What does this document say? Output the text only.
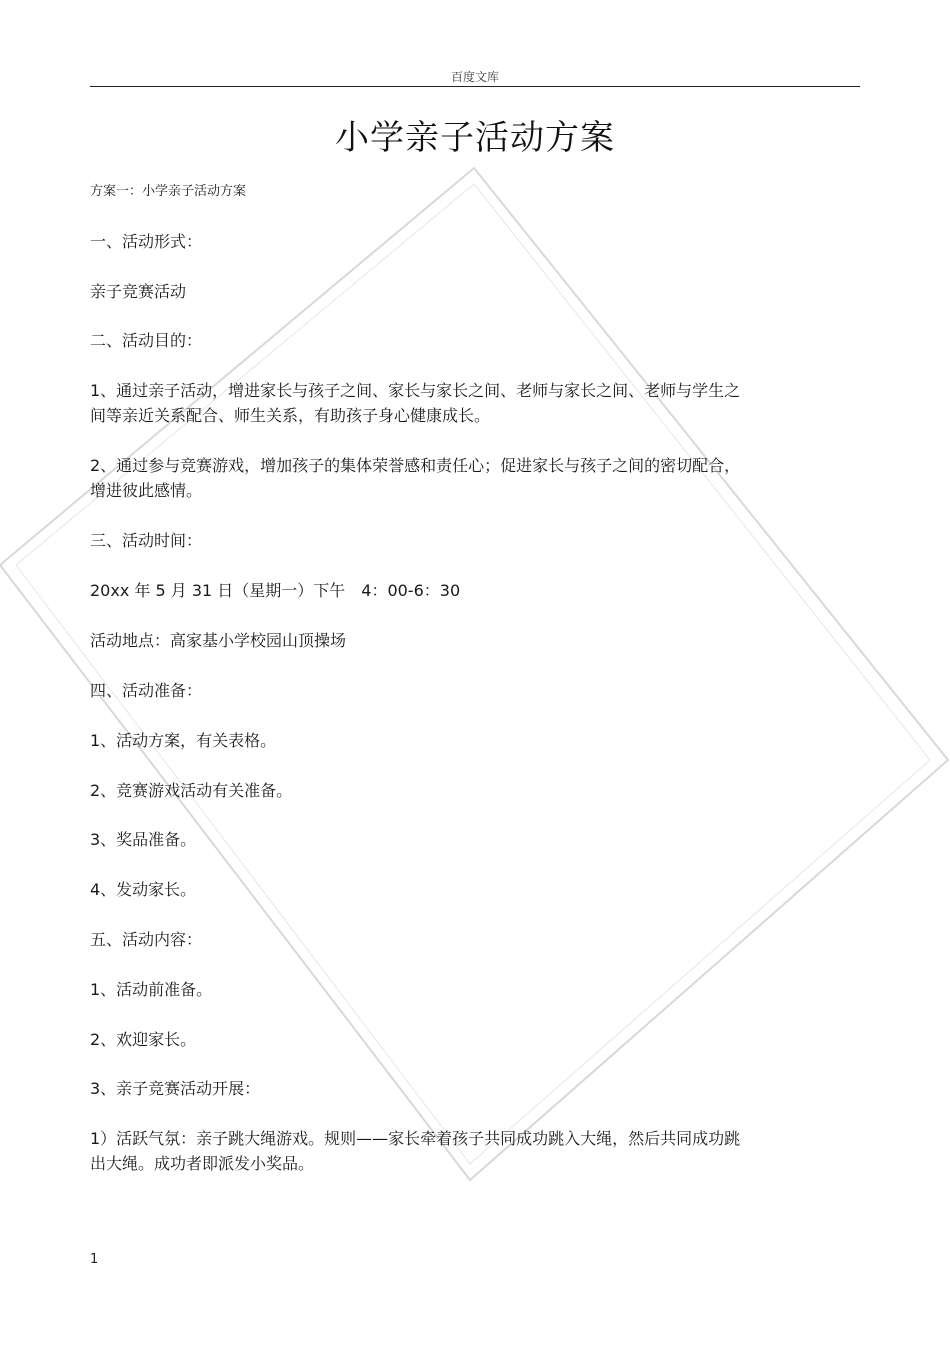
百度文库
小学亲子活动方案
方案一：小学亲子活动方案
一、活动形式：
亲子竞赛活动
二、活动目的：
1、通过亲子活动，增进家长与孩子之间、家长与家长之间、老师与家长之间、老师与学生之
间等亲近关系配合、师生关系，有助孩子身心健康成长。
2、通过参与竞赛游戏，增加孩子的集体荣誉感和责任心；促进家长与孩子之间的密切配合，
增进彼此感情。
三、活动时间：
20xx 年 5 月 31 日（星期一）下午　4：00-6：30
活动地点：高家基小学校园山顶操场
四、活动准备：
1、活动方案，有关表格。
2、竞赛游戏活动有关准备。
3、奖品准备。
4、发动家长。
五、活动内容：
1、活动前准备。
2、欢迎家长。
3、亲子竞赛活动开展：
1）活跃气氛：亲子跳大绳游戏。规则——家长牵着孩子共同成功跳入大绳，然后共同成功跳
出大绳。成功者即派发小奖品。
1
